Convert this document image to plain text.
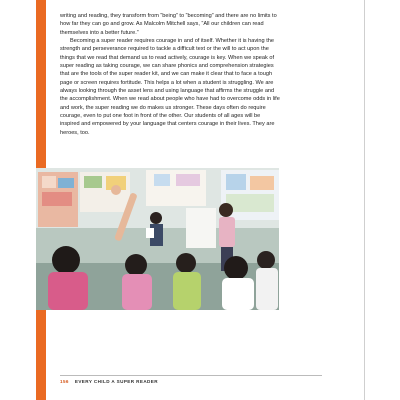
writing and reading, they transform from “being” to “becoming” and there are no limits to how far they can go and grow. As Malcolm Mitchell says, “All our children can read themselves into a better future.”

Becoming a super reader requires courage in and of itself. Whether it is having the strength and perseverance required to tackle a difficult text or the will to act upon the things that we read that demand us to read actively, courage is key. When we speak of super reading as taking courage, we can share phonics and comprehension strategies that are the tools of the super reader kit, and we can make it clear that to face a tough page or screen requires fortitude. This helps a lot when a student is struggling. We are always looking through the asset lens and using language that affirms the struggle and the accomplishment. When we read about people who have had to overcome odds in life and work, the super reading we do makes us stronger. These days often do require courage, even to put one foot in front of the other. Our students of all ages will be inspired and empowered by your language that centers courage in their lives. They are heroes, too.

156 EVERY CHILD A SUPER READER
